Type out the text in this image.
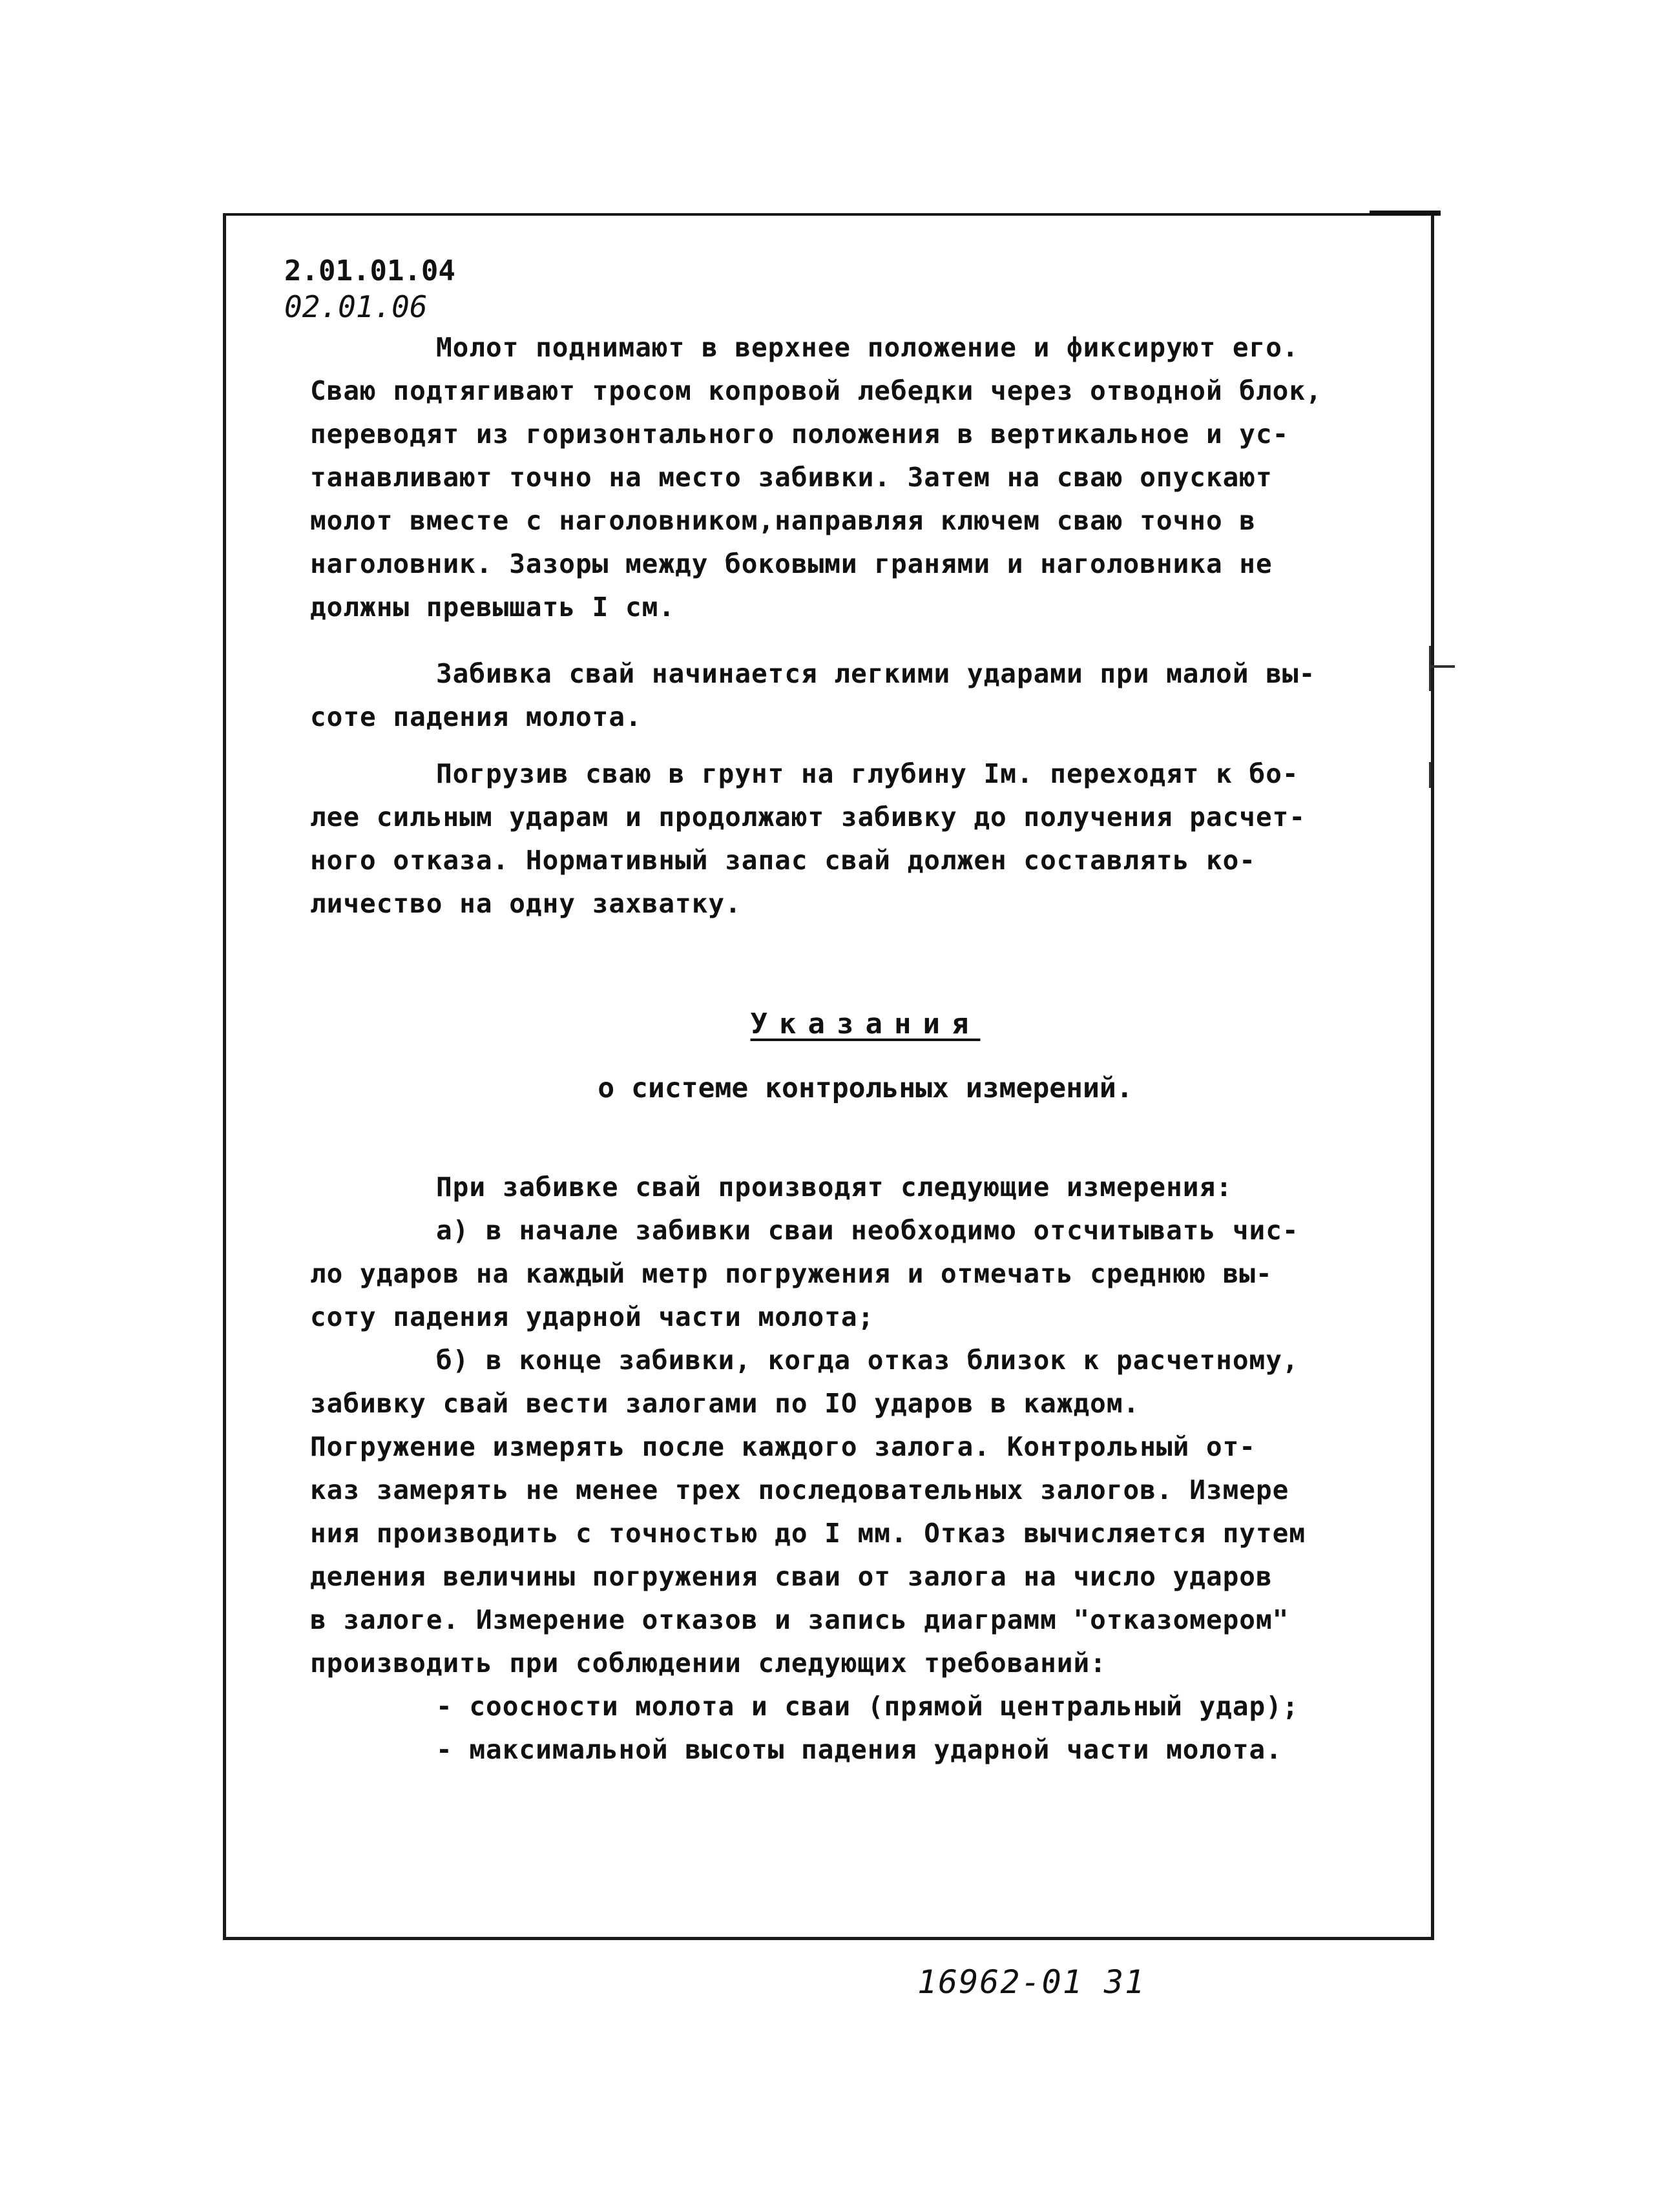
2.01.01.04
02.01.06
Молот поднимают в верхнее положение и фиксируют его.
Сваю подтягивают тросом копровой лебедки через отводной блок,
переводят из горизонтального положения в вертикальное и ус-
танавливают точно на место забивки. Затем на сваю опускают
молот вместе с наголовником,направляя ключем сваю точно в
наголовник. Зазоры между боковыми гранями и наголовника не
должны превышать I см.
Забивка свай начинается легкими ударами при малой вы-
соте падения молота.
Погрузив сваю в грунт на глубину Iм. переходят к бо-
лее сильным ударам и продолжают забивку до получения расчет-
ного отказа. Нормативный запас свай должен составлять ко-
личество на одну захватку.
Указания
о системе контрольных измерений.
При забивке свай производят следующие измерения:
а) в начале забивки сваи необходимо отсчитывать чис-
ло ударов на каждый метр погружения и отмечать среднюю вы-
соту падения ударной части молота;
б) в конце забивки, когда отказ близок к расчетному,
забивку свай вести залогами по IO ударов в каждом.
Погружение измерять после каждого залога. Контрольный от-
каз замерять не менее трех последовательных залогов. Измере
ния производить с точностью до I мм. Отказ вычисляется путем
деления величины погружения сваи от залога на число ударов
в залоге. Измерение отказов и запись диаграмм "отказомером"
производить при соблюдении следующих требований:
- соосности молота и сваи (прямой центральный удар);
- максимальной высоты падения ударной части молота.
16962-01 31
